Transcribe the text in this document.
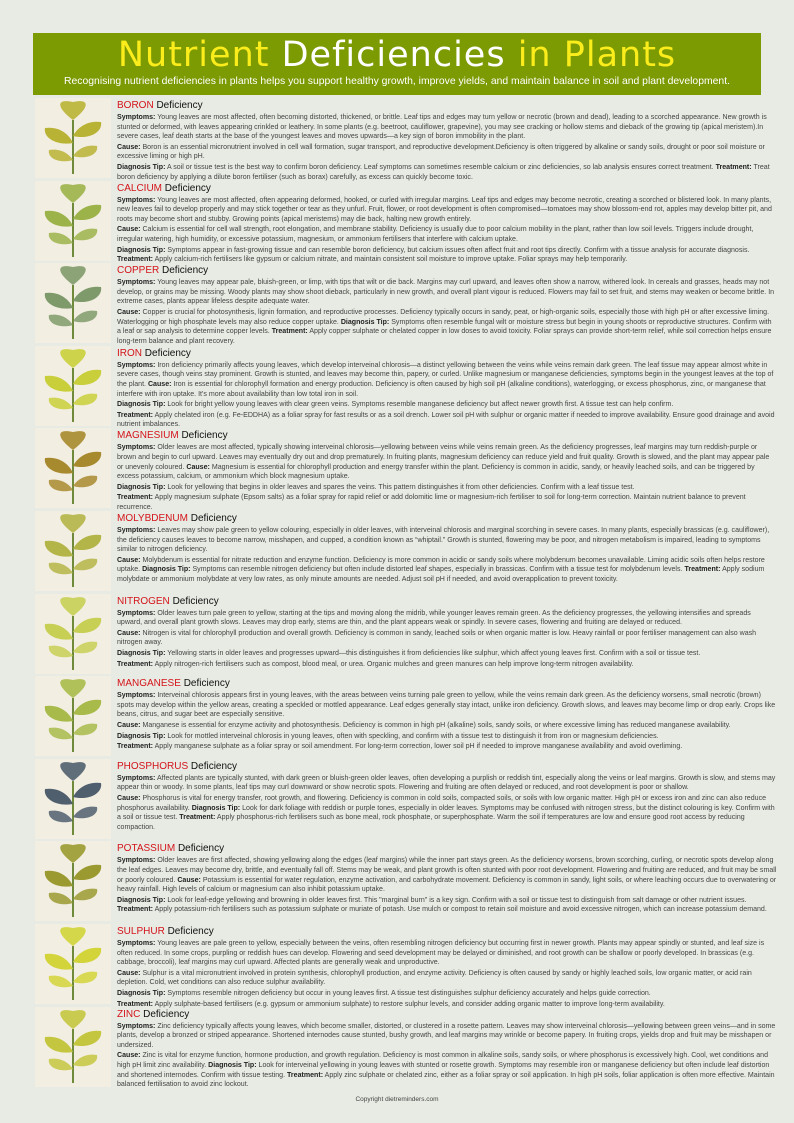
Nutrient Deficiencies in Plants
Recognising nutrient deficiencies in plants helps you support healthy growth, improve yields, and maintain balance in soil and plant development.
BORON Deficiency
Symptoms: Young leaves are most affected, often becoming distorted, thickened, or brittle. Leaf tips and edges may turn yellow or necrotic (brown and dead), leading to a scorched appearance. New growth is stunted or deformed, with leaves appearing crinkled or leathery. In some plants (e.g. beetroot, cauliflower, grapevine), you may see cracking or hollow stems and dieback of the growing tip (apical meristem).In severe cases, leaf death starts at the base of the youngest leaves and moves upwards—a key sign of boron immobility in the plant.
Cause: Boron is an essential micronutrient involved in cell wall formation, sugar transport, and reproductive development.Deficiency is often triggered by alkaline or sandy soils, drought or poor soil moisture or excessive liming or high pH.
Diagnosis Tip: A soil or tissue test is the best way to confirm boron deficiency. Leaf symptoms can sometimes resemble calcium or zinc deficiencies, so lab analysis ensures correct treatment. Treatment: Treat boron deficiency by applying a dilute boron fertiliser (such as borax) carefully, as excess can quickly become toxic.
CALCIUM Deficiency
Symptoms: Young leaves are most affected, often appearing deformed, hooked, or curled with irregular margins. Leaf tips and edges may become necrotic, creating a scorched or blistered look. In many plants, new leaves fail to develop properly and may stick together or tear as they unfurl. Fruit, flower, or root development is often compromised—tomatoes may show blossom-end rot, apples may develop bitter pit, and roots may become short and stubby. Growing points (apical meristems) may die back, halting new growth entirely.
Cause: Calcium is essential for cell wall strength, root elongation, and membrane stability. Deficiency is usually due to poor calcium mobility in the plant, rather than low soil levels. Triggers include drought, irregular watering, high humidity, or excessive potassium, magnesium, or ammonium fertilisers that interfere with calcium uptake.
Diagnosis Tip: Symptoms appear in fast-growing tissue and can resemble boron deficiency, but calcium issues often affect fruit and root tips directly. Confirm with a tissue analysis for accurate diagnosis. Treatment: Apply calcium-rich fertilisers like gypsum or calcium nitrate, and maintain consistent soil moisture to improve uptake. Foliar sprays may help temporarily.
COPPER Deficiency
Symptoms: Young leaves may appear pale, bluish-green, or limp, with tips that wilt or die back. Margins may curl upward, and leaves often show a narrow, withered look. In cereals and grasses, heads may not develop, or grains may be missing. Woody plants may show shoot dieback, particularly in new growth, and overall plant vigour is reduced. Flowers may fail to set fruit, and stems may weaken or become brittle. In extreme cases, plants appear lifeless despite adequate water.
Cause: Copper is crucial for photosynthesis, lignin formation, and reproductive processes. Deficiency typically occurs in sandy, peat, or high-organic soils, especially those with high pH or after excessive liming. Waterlogging or high phosphate levels may also reduce copper uptake. Diagnosis Tip: Symptoms often resemble fungal wilt or moisture stress but begin in young shoots or reproductive structures. Confirm with a leaf or sap analysis to determine copper levels. Treatment: Apply copper sulphate or chelated copper in low doses to avoid toxicity. Foliar sprays can provide short-term relief, while soil correction helps ensure long-term balance and plant recovery.
IRON Deficiency
Symptoms: Iron deficiency primarily affects young leaves, which develop interveinal chlorosis—a distinct yellowing between the veins while veins remain dark green. The leaf tissue may appear almost white in severe cases, though veins stay prominent. Growth is stunted, and leaves may become thin, papery, or curled. Unlike magnesium or manganese deficiencies, symptoms begin in the youngest leaves at the top of the plant. Cause: Iron is essential for chlorophyll formation and energy production. Deficiency is often caused by high soil pH (alkaline conditions), waterlogging, or excess phosphorus, zinc, or manganese that interfere with iron uptake. It's more about availability than low total iron in soil.
Diagnosis Tip: Look for bright yellow young leaves with clear green veins. Symptoms resemble manganese deficiency but affect newer growth first. A tissue test can help confirm.
Treatment: Apply chelated iron (e.g. Fe-EDDHA) as a foliar spray for fast results or as a soil drench. Lower soil pH with sulphur or organic matter if needed to improve availability. Ensure good drainage and avoid nutrient imbalances.
MAGNESIUM Deficiency
Symptoms: Older leaves are most affected, typically showing interveinal chlorosis—yellowing between veins while veins remain green. As the deficiency progresses, leaf margins may turn reddish-purple or brown and begin to curl upward. Leaves may eventually dry out and drop prematurely. In fruiting plants, magnesium deficiency can reduce yield and fruit quality. Growth is slowed, and the plant may appear pale or unevenly coloured. Cause: Magnesium is essential for chlorophyll production and energy transfer within the plant. Deficiency is common in acidic, sandy, or heavily leached soils, and can be triggered by excess potassium, calcium, or ammonium which block magnesium uptake.
Diagnosis Tip: Look for yellowing that begins in older leaves and spares the veins. This pattern distinguishes it from other deficiencies. Confirm with a leaf tissue test.
Treatment: Apply magnesium sulphate (Epsom salts) as a foliar spray for rapid relief or add dolomitic lime or magnesium-rich fertiliser to soil for long-term correction. Maintain nutrient balance to prevent recurrence.
MOLYBDENUM Deficiency
Symptoms: Leaves may show pale green to yellow colouring, especially in older leaves, with interveinal chlorosis and marginal scorching in severe cases. In many plants, especially brassicas (e.g. cauliflower), the deficiency causes leaves to become narrow, misshapen, and cupped, a condition known as “whiptail.” Growth is stunted, flowering may be poor, and nitrogen metabolism is impaired, leading to symptoms similar to nitrogen deficiency.
Cause: Molybdenum is essential for nitrate reduction and enzyme function. Deficiency is more common in acidic or sandy soils where molybdenum becomes unavailable. Liming acidic soils often helps restore uptake. Diagnosis Tip: Symptoms can resemble nitrogen deficiency but often include distorted leaf shapes, especially in brassicas. Confirm with a tissue test for molybdenum levels. Treatment: Apply sodium molybdate or ammonium molybdate at very low rates, as only minute amounts are needed. Adjust soil pH if needed, and avoid overapplication to prevent toxicity.
NITROGEN Deficiency
Symptoms: Older leaves turn pale green to yellow, starting at the tips and moving along the midrib, while younger leaves remain green. As the deficiency progresses, the yellowing intensifies and spreads upward, and overall plant growth slows. Leaves may drop early, stems are thin, and the plant appears weak or spindly. In severe cases, flowering and fruiting are delayed or reduced.
Cause: Nitrogen is vital for chlorophyll production and overall growth. Deficiency is common in sandy, leached soils or when organic matter is low. Heavy rainfall or poor fertiliser management can also wash nitrogen away.
Diagnosis Tip: Yellowing starts in older leaves and progresses upward—this distinguishes it from deficiencies like sulphur, which affect young leaves first. Confirm with a soil or tissue test.
Treatment: Apply nitrogen-rich fertilisers such as compost, blood meal, or urea. Organic mulches and green manures can help improve long-term nitrogen availability.
MANGANESE Deficiency
Symptoms: Interveinal chlorosis appears first in young leaves, with the areas between veins turning pale green to yellow, while the veins remain dark green. As the deficiency worsens, small necrotic (brown) spots may develop within the yellow areas, creating a speckled or mottled appearance. Leaf edges generally stay intact, unlike iron deficiency. Growth slows, and leaves may become limp or drop early. Crops like beans, citrus, and sugar beet are especially sensitive.
Cause: Manganese is essential for enzyme activity and photosynthesis. Deficiency is common in high pH (alkaline) soils, sandy soils, or where excessive liming has reduced manganese availability.
Diagnosis Tip: Look for mottled interveinal chlorosis in young leaves, often with speckling, and confirm with a tissue test to distinguish it from iron or magnesium deficiencies.
Treatment: Apply manganese sulphate as a foliar spray or soil amendment. For long-term correction, lower soil pH if needed to improve manganese availability and avoid overliming.
PHOSPHORUS Deficiency
Symptoms: Affected plants are typically stunted, with dark green or bluish-green older leaves, often developing a purplish or reddish tint, especially along the veins or leaf margins. Growth is slow, and stems may appear thin or woody. In some plants, leaf tips may curl downward or show necrotic spots. Flowering and fruiting are often delayed or reduced, and root development is poor or shallow.
Cause: Phosphorus is vital for energy transfer, root growth, and flowering. Deficiency is common in cold soils, compacted soils, or soils with low organic matter. High pH or excess iron and zinc can also reduce phosphorus availability. Diagnosis Tip: Look for dark foliage with reddish or purple tones, especially in older leaves. Symptoms may be confused with nitrogen stress, but the distinct colouring is key. Confirm with a soil or tissue test. Treatment: Apply phosphorus-rich fertilisers such as bone meal, rock phosphate, or superphosphate. Warm the soil if temperatures are low and ensure good root access by reducing compaction.
POTASSIUM Deficiency
Symptoms: Older leaves are first affected, showing yellowing along the edges (leaf margins) while the inner part stays green. As the deficiency worsens, brown scorching, curling, or necrotic spots develop along the leaf edges. Leaves may become dry, brittle, and eventually fall off. Stems may be weak, and plant growth is often stunted with poor root development. Flowering and fruiting are reduced, and fruit may be small or poorly coloured. Cause: Potassium is essential for water regulation, enzyme activation, and carbohydrate movement. Deficiency is common in sandy, light soils, or where leaching occurs due to overwatering or heavy rainfall. High levels of calcium or magnesium can also inhibit potassium uptake.
Diagnosis Tip: Look for leaf-edge yellowing and browning in older leaves first. This "marginal burn" is a key sign. Confirm with a soil or tissue test to distinguish from salt damage or other nutrient issues. Treatment: Apply potassium-rich fertilisers such as potassium sulphate or muriate of potash. Use mulch or compost to retain soil moisture and avoid excessive nitrogen, which can increase potassium demand.
SULPHUR Deficiency
Symptoms: Young leaves are pale green to yellow, especially between the veins, often resembling nitrogen deficiency but occurring first in newer growth. Plants may appear spindly or stunted, and leaf size is often reduced. In some crops, purpling or reddish hues can develop. Flowering and seed development may be delayed or diminished, and root growth can be shallow or poorly developed. In brassicas (e.g. cabbage, broccoli), leaf margins may curl upward. Affected plants are generally weak and unproductive.
Cause: Sulphur is a vital micronutrient involved in protein synthesis, chlorophyll production, and enzyme activity. Deficiency is often caused by sandy or highly leached soils, low organic matter, or acid rain depletion. Cold, wet conditions can also reduce sulphur availability.
Diagnosis Tip: Symptoms resemble nitrogen deficiency but occur in young leaves first. A tissue test distinguishes sulphur deficiency accurately and helps guide correction.
Treatment: Apply sulphate-based fertilisers (e.g. gypsum or ammonium sulphate) to restore sulphur levels, and consider adding organic matter to improve long-term availability.
ZINC Deficiency
Symptoms: Zinc deficiency typically affects young leaves, which become smaller, distorted, or clustered in a rosette pattern. Leaves may show interveinal chlorosis—yellowing between green veins—and in some plants, develop a bronzed or striped appearance. Shortened internodes cause stunted, bushy growth, and leaf margins may wrinkle or become papery. In fruiting crops, yields drop and fruit may be misshapen or undersized.
Cause: Zinc is vital for enzyme function, hormone production, and growth regulation. Deficiency is most common in alkaline soils, sandy soils, or where phosphorus is excessively high. Cool, wet conditions and high pH limit zinc availability. Diagnosis Tip: Look for interveinal yellowing in young leaves with stunted or rosette growth. Symptoms may resemble iron or manganese deficiency but often include leaf distortion and shortened internodes. Confirm with tissue testing. Treatment: Apply zinc sulphate or chelated zinc, either as a foliar spray or soil application. In high pH soils, foliar application is often more effective. Maintain balanced fertilisation to avoid zinc lockout.
Copyright dietreminders.com
